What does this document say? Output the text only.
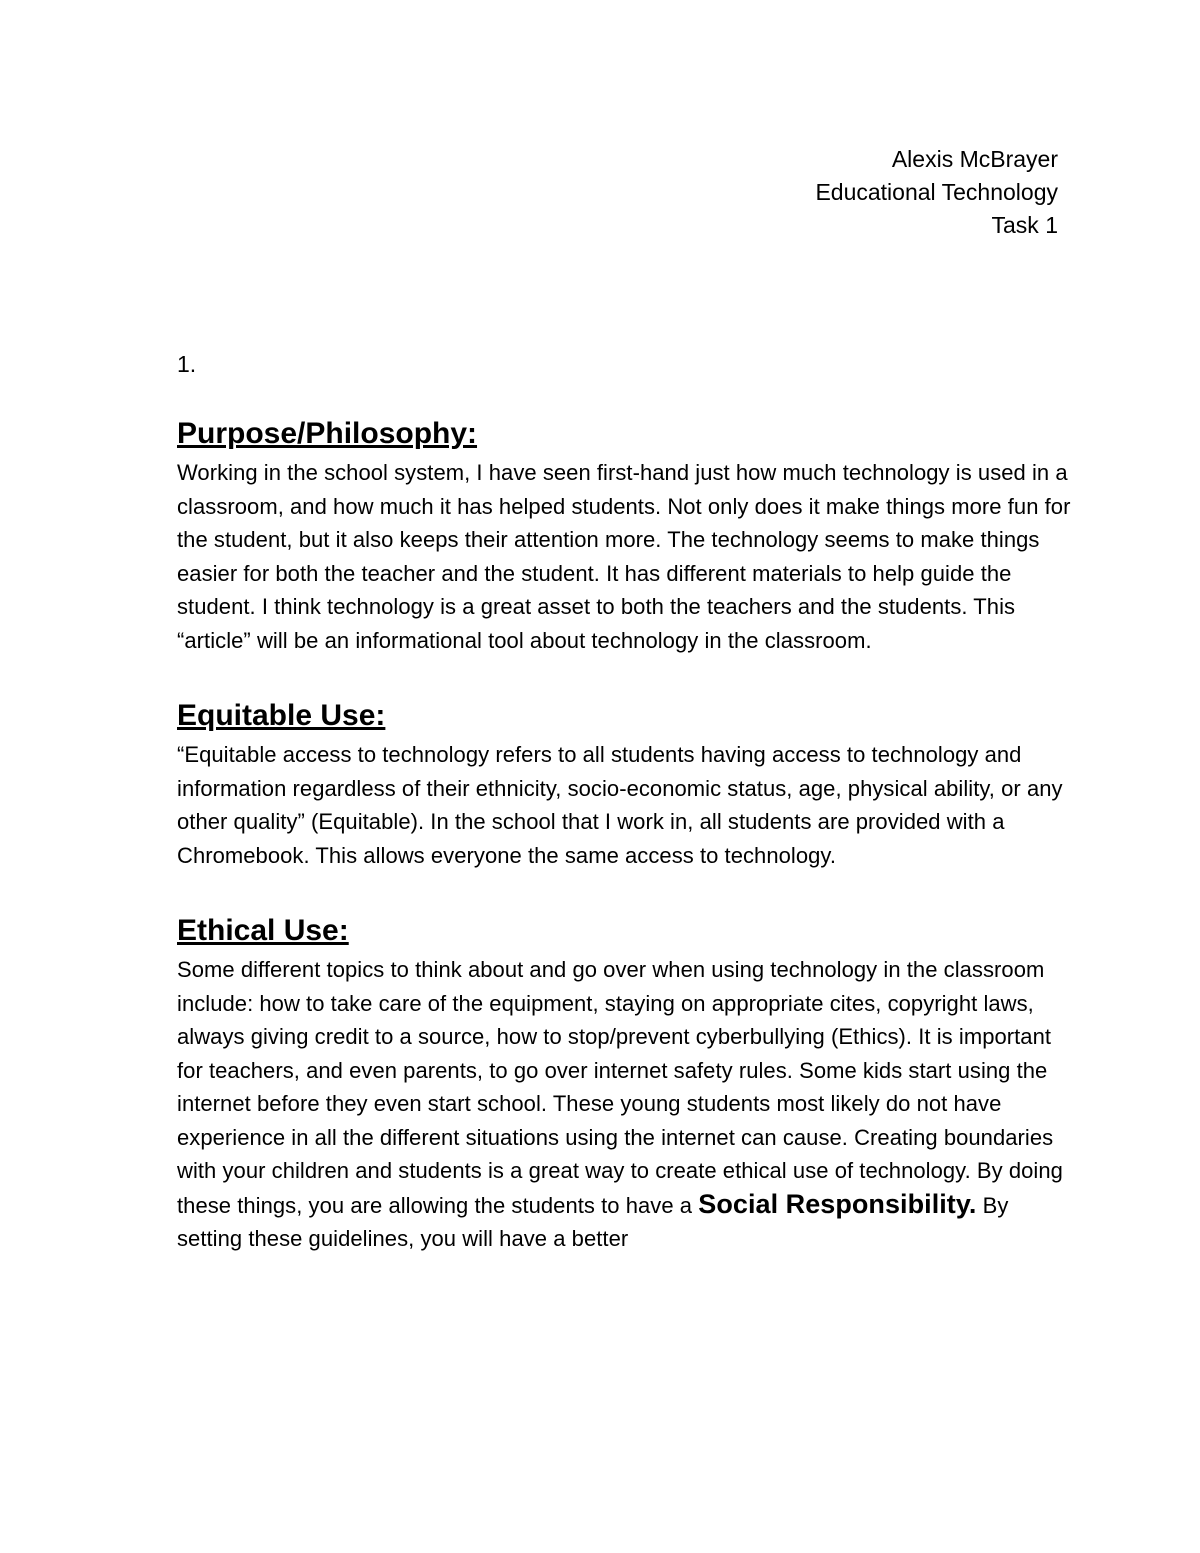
Alexis McBrayer
Educational Technology
Task 1
1.
Purpose/Philosophy:

Working in the school system, I have seen first-hand just how much technology is used in a classroom, and how much it has helped students. Not only does it make things more fun for the student, but it also keeps their attention more. The technology seems to make things easier for both the teacher and the student. It has different materials to help guide the student. I think technology is a great asset to both the teachers and the students. This “article” will be an informational tool about technology in the classroom.

Equitable Use:

“Equitable access to technology refers to all students having access to technology and information regardless of their ethnicity, socio-economic status, age, physical ability, or any other quality” (Equitable). In the school that I work in, all students are provided with a Chromebook. This allows everyone the same access to technology.

Ethical Use:

Some different topics to think about and go over when using technology in the classroom include: how to take care of the equipment, staying on appropriate cites, copyright laws, always giving credit to a source, how to stop/prevent cyberbullying (Ethics). It is important for teachers, and even parents, to go over internet safety rules. Some kids start using the internet before they even start school. These young students most likely do not have experience in all the different situations using the internet can cause. Creating boundaries with your children and students is a great way to create ethical use of technology. By doing these things, you are allowing the students to have a Social Responsibility. By setting these guidelines, you will have a better
